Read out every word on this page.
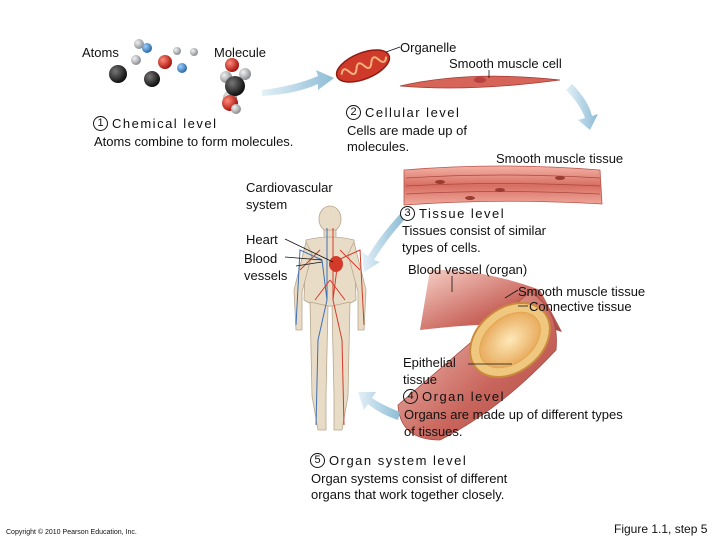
Atoms	Molecule	Organelle
Smooth muscle cell
1 Chemical level
Atoms combine to form molecules.
2 Cellular level
Cells are made up of
molecules.
Smooth muscle tissue
Cardiovascular
system
Heart
Blood
vessels
3 Tissue level
Tissues consist of similar
types of cells.
Blood vessel (organ)
Smooth muscle tissue
Connective tissue
Epithelial
tissue
4 Organ level
Organs are made up of different types
of tissues.
5 Organ system level
Organ systems consist of different
organs that work together closely.
Copyright © 2010 Pearson Education, Inc.	Figure 1.1, step 5
